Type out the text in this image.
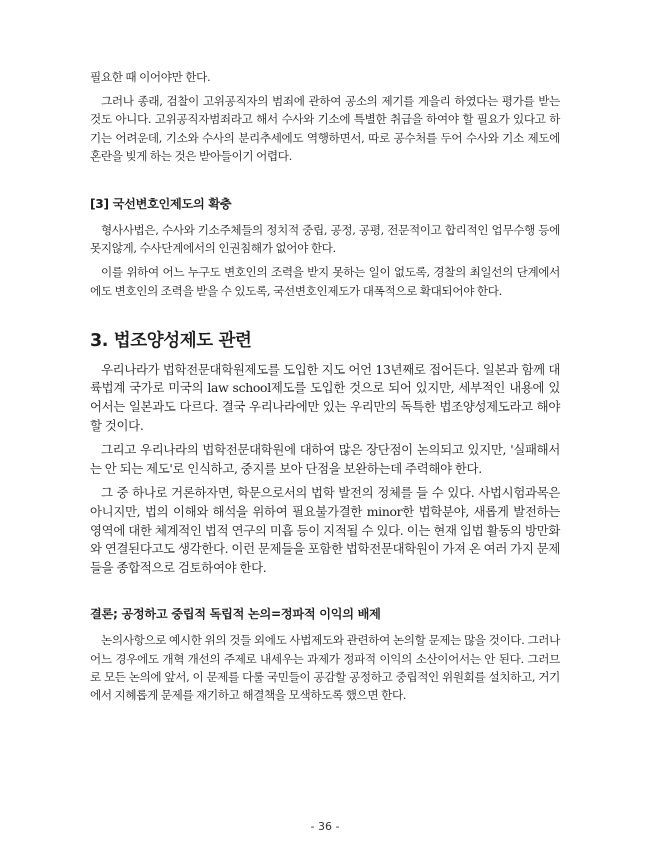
필요한 때 이어야만 한다.

그러나 종래, 검찰이 고위공직자의 범죄에 관하여 공소의 제기를 게을리 하였다는 평가를 받는 것도 아니다. 고위공직자범죄라고 해서 수사와 기소에 특별한 취급을 하여야 할 필요가 있다고 하기는 어려운데, 기소와 수사의 분리추세에도 역행하면서, 따로 공수처를 두어 수사와 기소 제도에 혼란을 빚게 하는 것은 받아들이기 어렵다.

[3] 국선변호인제도의 확충

형사사법은, 수사와 기소주체들의 정치적 중립, 공정, 공평, 전문적이고 합리적인 업무수행 등에 못지않게, 수사단계에서의 인권침해가 없어야 한다.

이를 위하여 어느 누구도 변호인의 조력을 받지 못하는 일이 없도록, 경찰의 최일선의 단계에서에도 변호인의 조력을 받을 수 있도록, 국선변호인제도가 대폭적으로 확대되어야 한다.

3. 법조양성제도 관련

우리나라가 법학전문대학원제도를 도입한 지도 어언 13년째로 접어든다. 일본과 함께 대륙법계 국가로 미국의 law school제도를 도입한 것으로 되어 있지만, 세부적인 내용에 있어서는 일본과도 다르다. 결국 우리나라에만 있는 우리만의 독특한 법조양성제도라고 해야 할 것이다.

그리고 우리나라의 법학전문대학원에 대하여 많은 장단점이 논의되고 있지만, '실패해서는 안 되는 제도'로 인식하고, 중지를 보아 단점을 보완하는데 주력해야 한다.

그 중 하나로 거론하자면, 학문으로서의 법학 발전의 정체를 들 수 있다. 사법시험과목은 아니지만, 법의 이해와 해석을 위하여 필요불가결한 minor한 법학분야, 새롭게 발전하는 영역에 대한 체계적인 법적 연구의 미흡 등이 지적될 수 있다. 이는 현재 입법 활동의 방만화와 연결된다고도 생각한다. 이런 문제들을 포함한 법학전문대학원이 가져 온 여러 가지 문제들을 종합적으로 검토하여야 한다.

결론; 공정하고 중립적 독립적 논의=정파적 이익의 배제

논의사항으로 예시한 위의 것들 외에도 사법제도와 관련하여 논의할 문제는 많을 것이다. 그러나 어느 경우에도 개혁 개선의 주제로 내세우는 과제가 정파적 이익의 소산이어서는 안 된다. 그러므로 모든 논의에 앞서, 이 문제를 다룰 국민들이 공감할 공정하고 중립적인 위원회를 설치하고, 거기에서 지혜롭게 문제를 재기하고 해결책을 모색하도록 했으면 한다.

- 36 -
